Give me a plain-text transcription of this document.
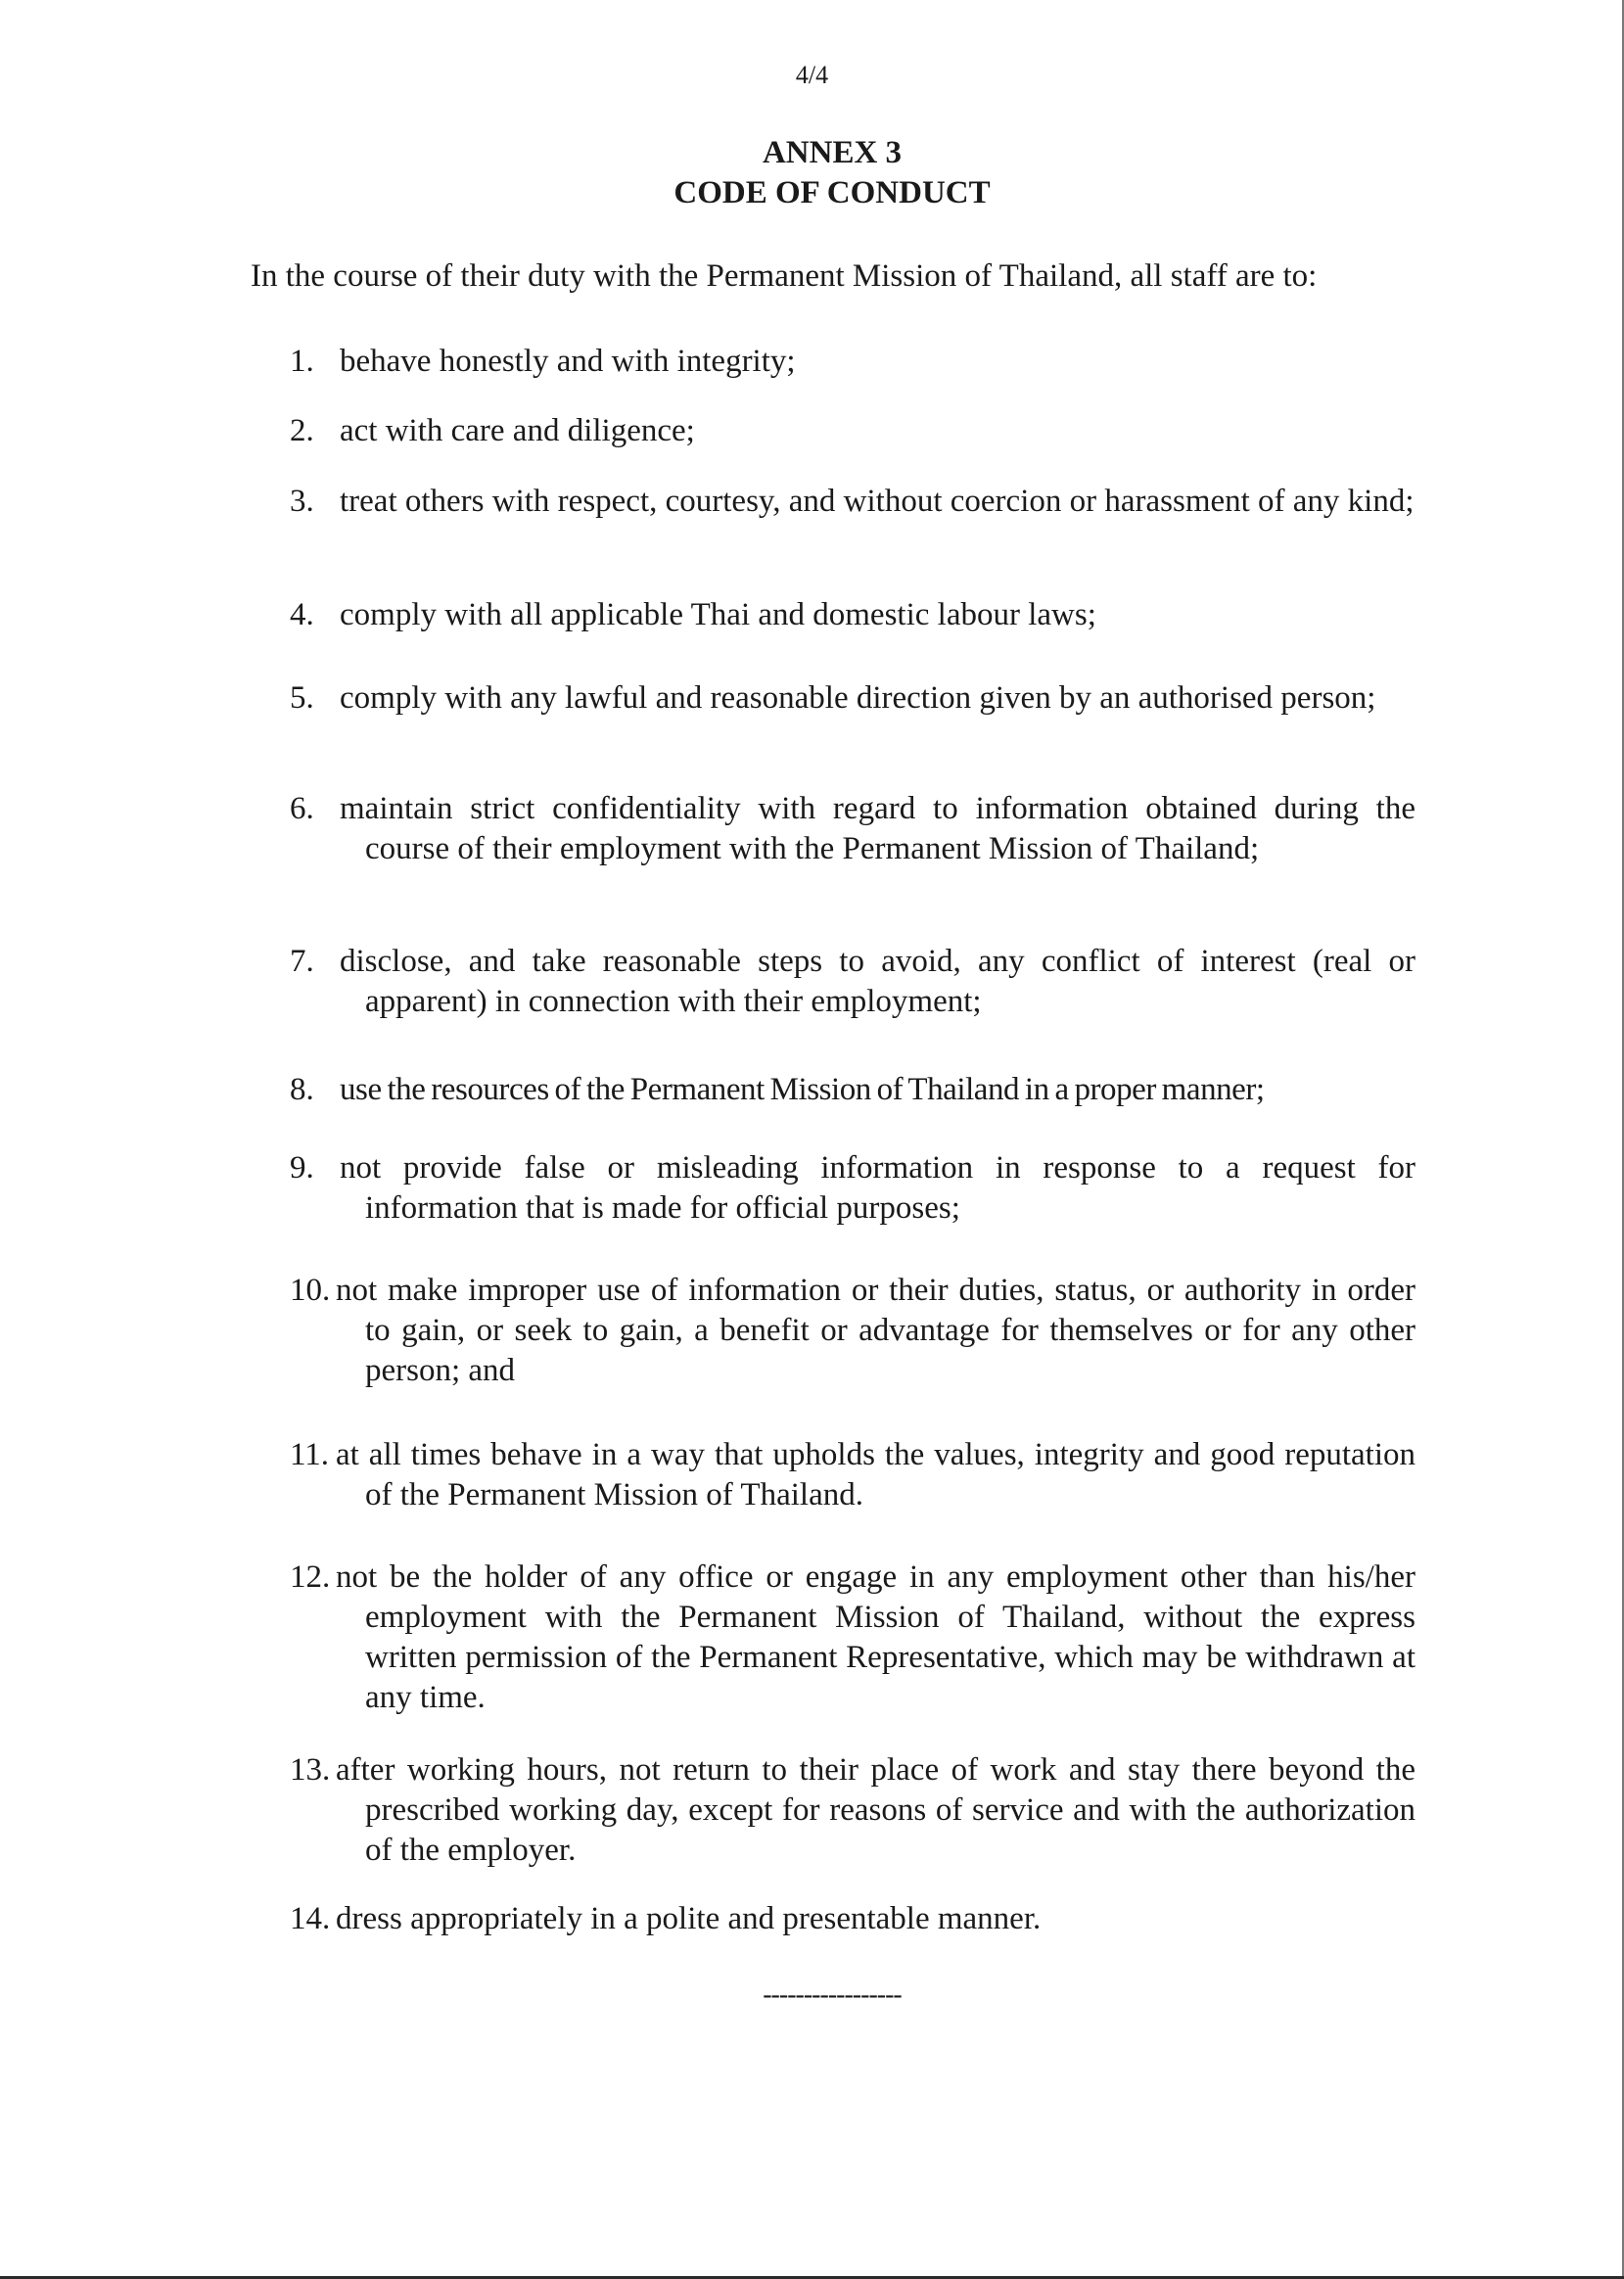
4/4
ANNEX 3
CODE OF CONDUCT
In the course of their duty with the Permanent Mission of Thailand, all staff are to:
1. behave honestly and with integrity;
2. act with care and diligence;
3. treat others with respect, courtesy, and without coercion or harassment of any kind;
4. comply with all applicable Thai and domestic labour laws;
5. comply with any lawful and reasonable direction given by an authorised person;
6. maintain strict confidentiality with regard to information obtained during the course of their employment with the Permanent Mission of Thailand;
7. disclose, and take reasonable steps to avoid, any conflict of interest (real or apparent) in connection with their employment;
8. use the resources of the Permanent Mission of Thailand in a proper manner;
9. not provide false or misleading information in response to a request for information that is made for official purposes;
10. not make improper use of information or their duties, status, or authority in order to gain, or seek to gain, a benefit or advantage for themselves or for any other person; and
11. at all times behave in a way that upholds the values, integrity and good reputation of the Permanent Mission of Thailand.
12. not be the holder of any office or engage in any employment other than his/her employment with the Permanent Mission of Thailand, without the express written permission of the Permanent Representative, which may be withdrawn at any time.
13. after working hours, not return to their place of work and stay there beyond the prescribed working day, except for reasons of service and with the authorization of the employer.
14. dress appropriately in a polite and presentable manner.
-----------------
